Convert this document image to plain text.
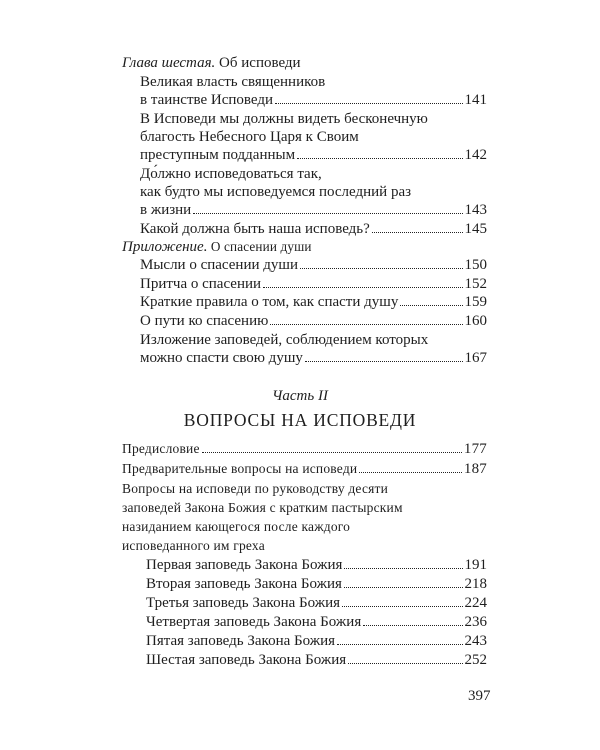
Глава шестая. Об исповеди
Великая власть священников
в таинстве Исповеди	141
В Исповеди мы должны видеть бесконечную
благость Небесного Царя к Своим
преступным подданным	142
До́лжно исповедоваться так,
как будто мы исповедуемся последний раз
в жизни	143
Какой должна быть наша исповедь?	145
Приложение. О спасении души
Мысли о спасении души	150
Притча о спасении	152
Краткие правила о том, как спасти душу	159
О пути ко спасению	160
Изложение заповедей, соблюдением которых
можно спасти свою душу	167
Часть II
ВОПРОСЫ НА ИСПОВЕДИ
Предисловие	177
Предварительные вопросы на исповеди	187
Вопросы на исповеди по руководству десяти
заповедей Закона Божия с кратким пастырским
назиданием кающегося после каждого
исповеданного им греха
Первая заповедь Закона Божия	191
Вторая заповедь Закона Божия	218
Третья заповедь Закона Божия	224
Четвертая заповедь Закона Божия	236
Пятая заповедь Закона Божия	243
Шестая заповедь Закона Божия	252
397
